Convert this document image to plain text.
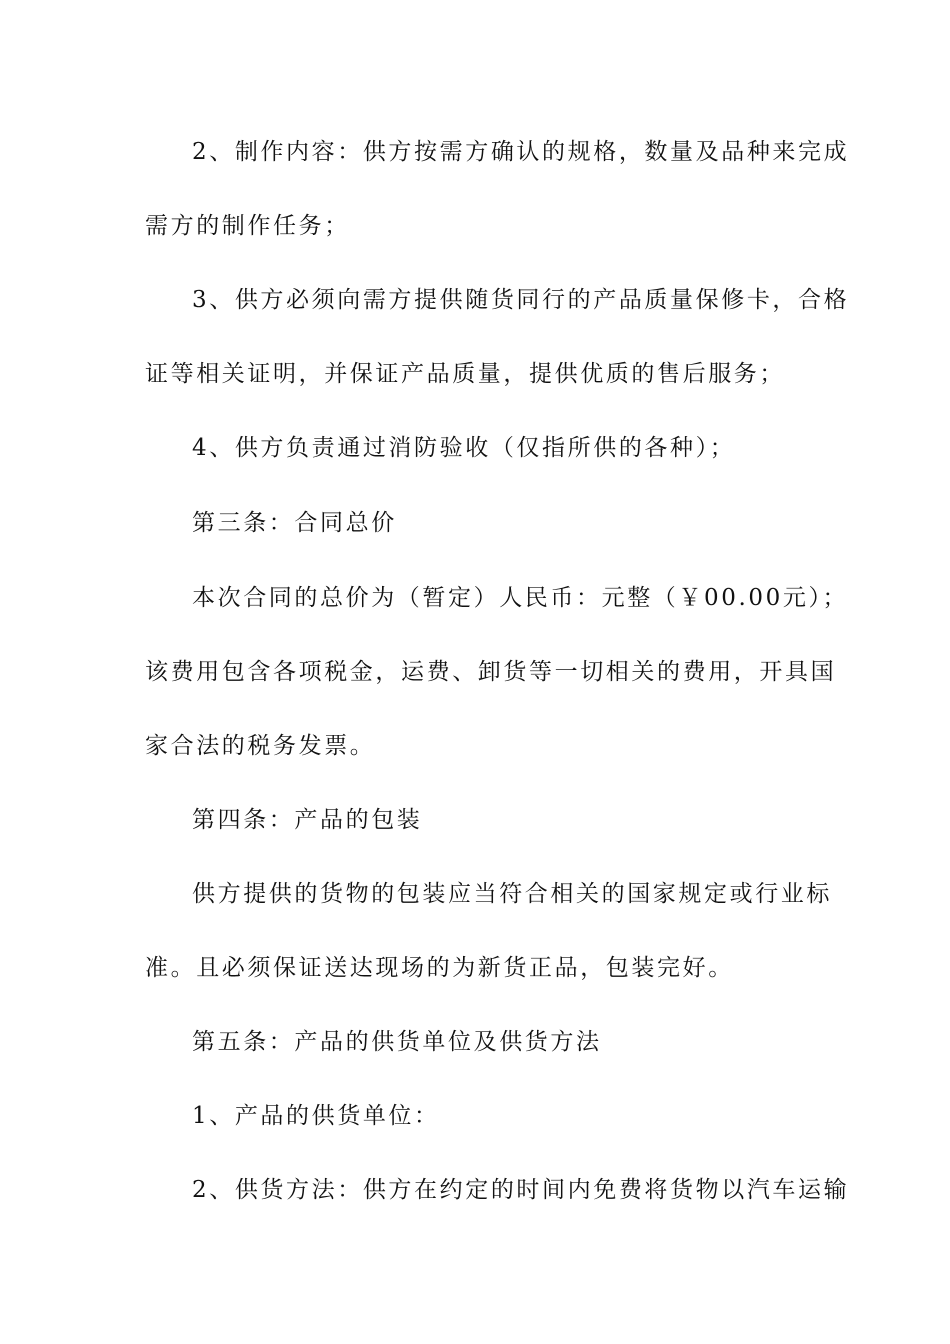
2、制作内容：供方按需方确认的规格，数量及品种来完成
需方的制作任务；
3、供方必须向需方提供随货同行的产品质量保修卡，合格
证等相关证明，并保证产品质量，提供优质的售后服务；
4、供方负责通过消防验收（仅指所供的各种）；
第三条：合同总价
本次合同的总价为（暂定）人民币：元整（￥00.00元）；
该费用包含各项税金，运费、卸货等一切相关的费用，开具国
家合法的税务发票。
第四条：产品的包装
供方提供的货物的包装应当符合相关的国家规定或行业标
准。且必须保证送达现场的为新货正品，包装完好。
第五条：产品的供货单位及供货方法
1、产品的供货单位：
2、供货方法：供方在约定的时间内免费将货物以汽车运输
